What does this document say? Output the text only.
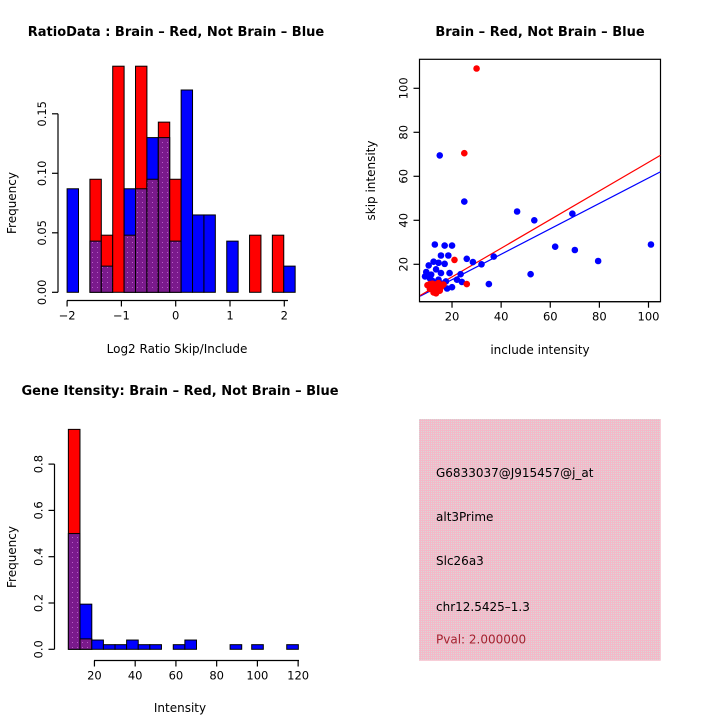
RatioData : Brain – Red, Not Brain – Blue
−2	−1	0	1	2
0.00
0.05
0.10
0.15
Log2 Ratio Skip/Include
Frequency
Brain – Red, Not Brain – Blue
20	40	60	80	100
20
40
60
80
100
include intensity
skip intensity
Gene Itensity: Brain – Red, Not Brain – Blue
20 40 60 80 100 120
0.0
0.2
0.4
0.6
0.8
Intensity
Frequency
G6833037@J915457@j_at
alt3Prime
Slc26a3
chr12.5425–1.3
Pval: 2.000000
